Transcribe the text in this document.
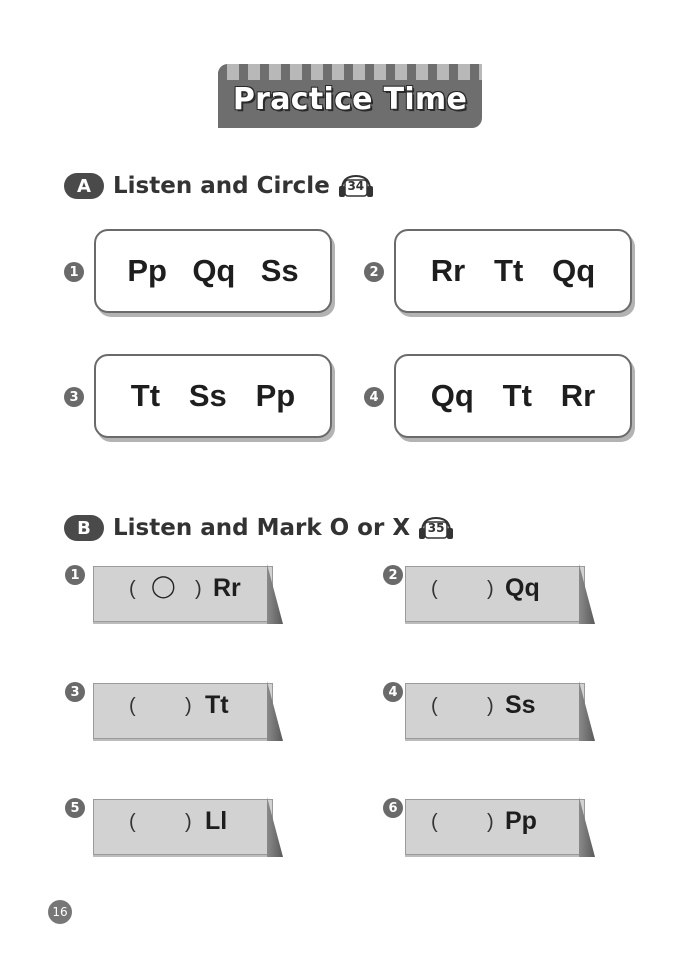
Practice Time
A Listen and Circle 34
1 Pp Qq Ss	2 Rr Tt Qq
3 Tt Ss Pp	4 Qq Tt Rr
B Listen and Mark O or X 35
1
( ◯ ) Rr	2
( ) Qq
3
( ) Tt	4
( ) Ss
5
( ) Ll	6
( ) Pp
16
